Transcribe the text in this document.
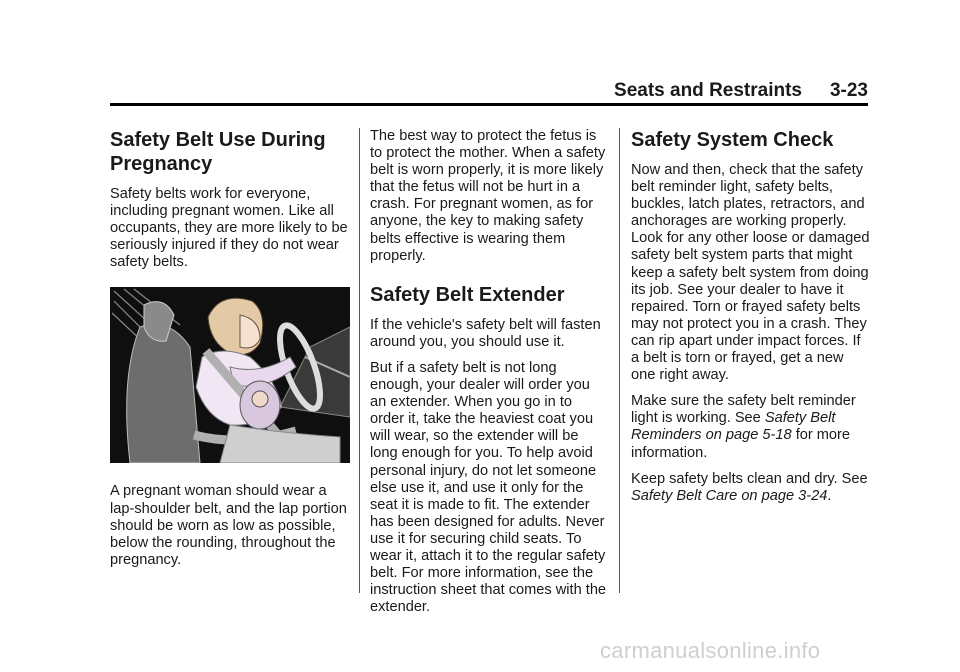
Seats and Restraints 3-23
Safety Belt Use During Pregnancy

Safety belts work for everyone, including pregnant women. Like all occupants, they are more likely to be seriously injured if they do not wear safety belts.

A pregnant woman should wear a lap-shoulder belt, and the lap portion should be worn as low as possible, below the rounding, throughout the pregnancy.

The best way to protect the fetus is to protect the mother. When a safety belt is worn properly, it is more likely that the fetus will not be hurt in a crash. For pregnant women, as for anyone, the key to making safety belts effective is wearing them properly.

Safety Belt Extender

If the vehicle's safety belt will fasten around you, you should use it.

But if a safety belt is not long enough, your dealer will order you an extender. When you go in to order it, take the heaviest coat you will wear, so the extender will be long enough for you. To help avoid personal injury, do not let someone else use it, and use it only for the seat it is made to fit. The extender has been designed for adults. Never use it for securing child seats. To wear it, attach it to the regular safety belt. For more information, see the instruction sheet that comes with the extender.

Safety System Check

Now and then, check that the safety belt reminder light, safety belts, buckles, latch plates, retractors, and anchorages are working properly. Look for any other loose or damaged safety belt system parts that might keep a safety belt system from doing its job. See your dealer to have it repaired. Torn or frayed safety belts may not protect you in a crash. They can rip apart under impact forces. If a belt is torn or frayed, get a new one right away.

Make sure the safety belt reminder light is working. See Safety Belt Reminders on page 5-18 for more information.

Keep safety belts clean and dry. See Safety Belt Care on page 3-24.

carmanualsonline.info
